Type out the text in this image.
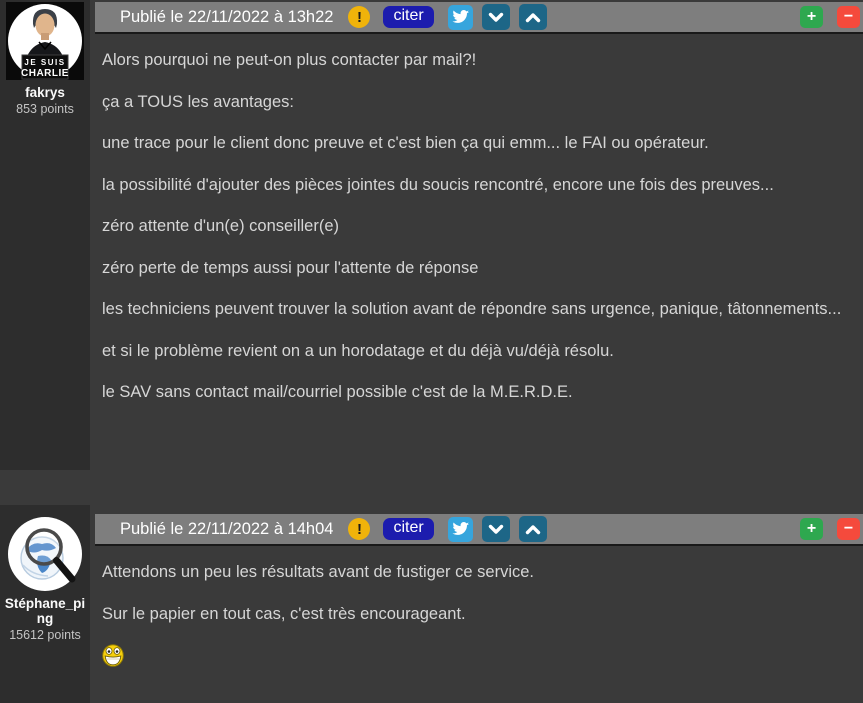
JE SUIS
CHARLIE
fakrys
853 points
Publié le 22/11/2022 à 13h22	!	citer	+	−

Alors pourquoi ne peut-on plus contacter par mail?!

ça a TOUS les avantages:

une trace pour le client donc preuve et c'est bien ça qui emm... le FAI ou opérateur.

la possibilité d'ajouter des pièces jointes du soucis rencontré, encore une fois des preuves...

zéro attente d'un(e) conseiller(e)

zéro perte de temps aussi pour l'attente de réponse

les techniciens peuvent trouver la solution avant de répondre sans urgence, panique, tâtonnements...

et si le problème revient on a un horodatage et du déjà vu/déjà résolu.

le SAV sans contact mail/courriel possible c'est de la M.E.R.D.E.

Stéphane_ping
15612 points
Publié le 22/11/2022 à 14h04	!	citer	+	−

Attendons un peu les résultats avant de fustiger ce service.

Sur le papier en tout cas, c'est très encourageant.
